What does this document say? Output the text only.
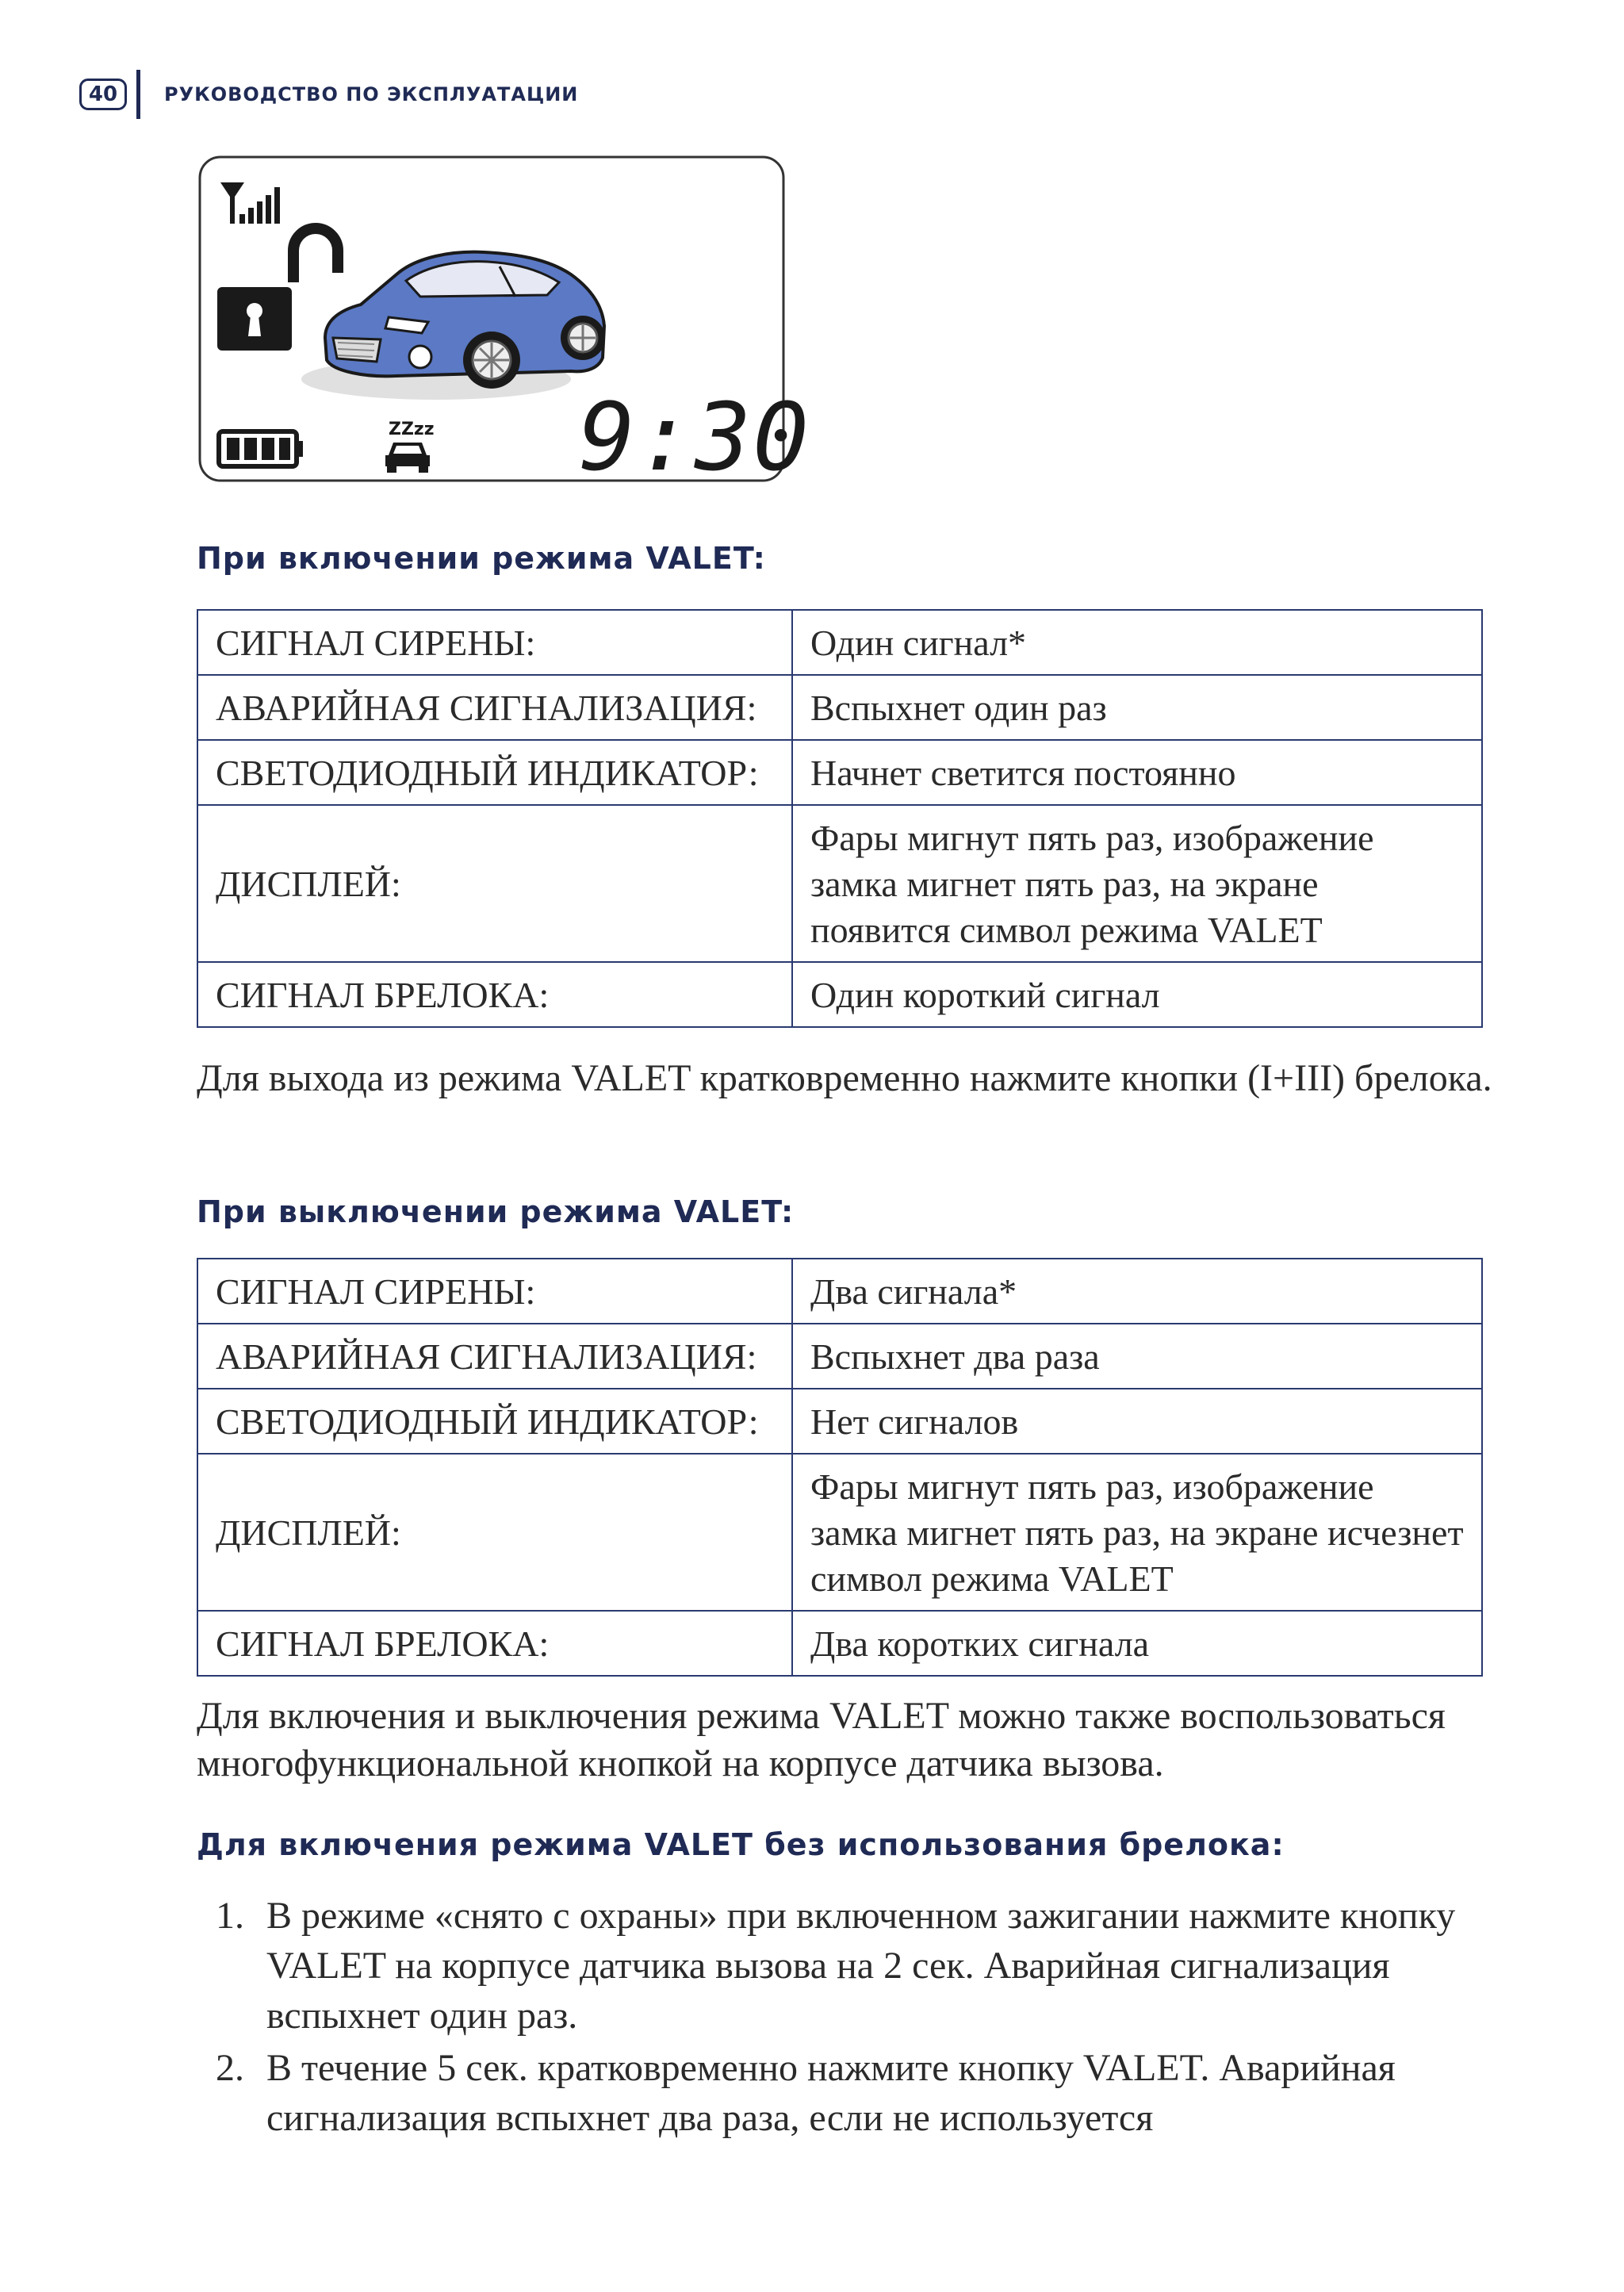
40	РУКОВОДСТВО ПО ЭКСПЛУАТАЦИИ
ZZzz 9:30
При включении режима VALET:
СИГНАЛ СИРЕНЫ:	Один сигнал*
АВАРИЙНАЯ СИГНАЛИЗАЦИЯ:	Вспыхнет один раз
СВЕТОДИОДНЫЙ ИНДИКАТОР:	Начнет светится постоянно
ДИСПЛЕЙ:	Фары мигнут пять раз, изображение замка мигнет пять раз, на экране появится символ режима VALET
СИГНАЛ БРЕЛОКА:	Один короткий сигнал

Для выхода из режима VALET кратковременно нажмите кнопки (I+III) брелока.

При выключении режима VALET:
СИГНАЛ СИРЕНЫ:	Два сигнала*
АВАРИЙНАЯ СИГНАЛИЗАЦИЯ:	Вспыхнет два раза
СВЕТОДИОДНЫЙ ИНДИКАТОР:	Нет сигналов
ДИСПЛЕЙ:	Фары мигнут пять раз, изображение замка мигнет пять раз, на экране исчезнет символ режима VALET
СИГНАЛ БРЕЛОКА:	Два коротких сигнала

Для включения и выключения режима VALET можно также воспользоваться многофункциональной кнопкой на корпусе датчика вызова.

Для включения режима VALET без использования брелока:
1. В режиме «снято с охраны» при включенном зажигании нажмите кнопку VALET на корпусе датчика вызова на 2 сек. Аварийная сигнализация вспыхнет один раз.
2. В течение 5 сек. кратковременно нажмите кнопку VALET. Аварийная сигнализация вспыхнет два раза, если не используется
